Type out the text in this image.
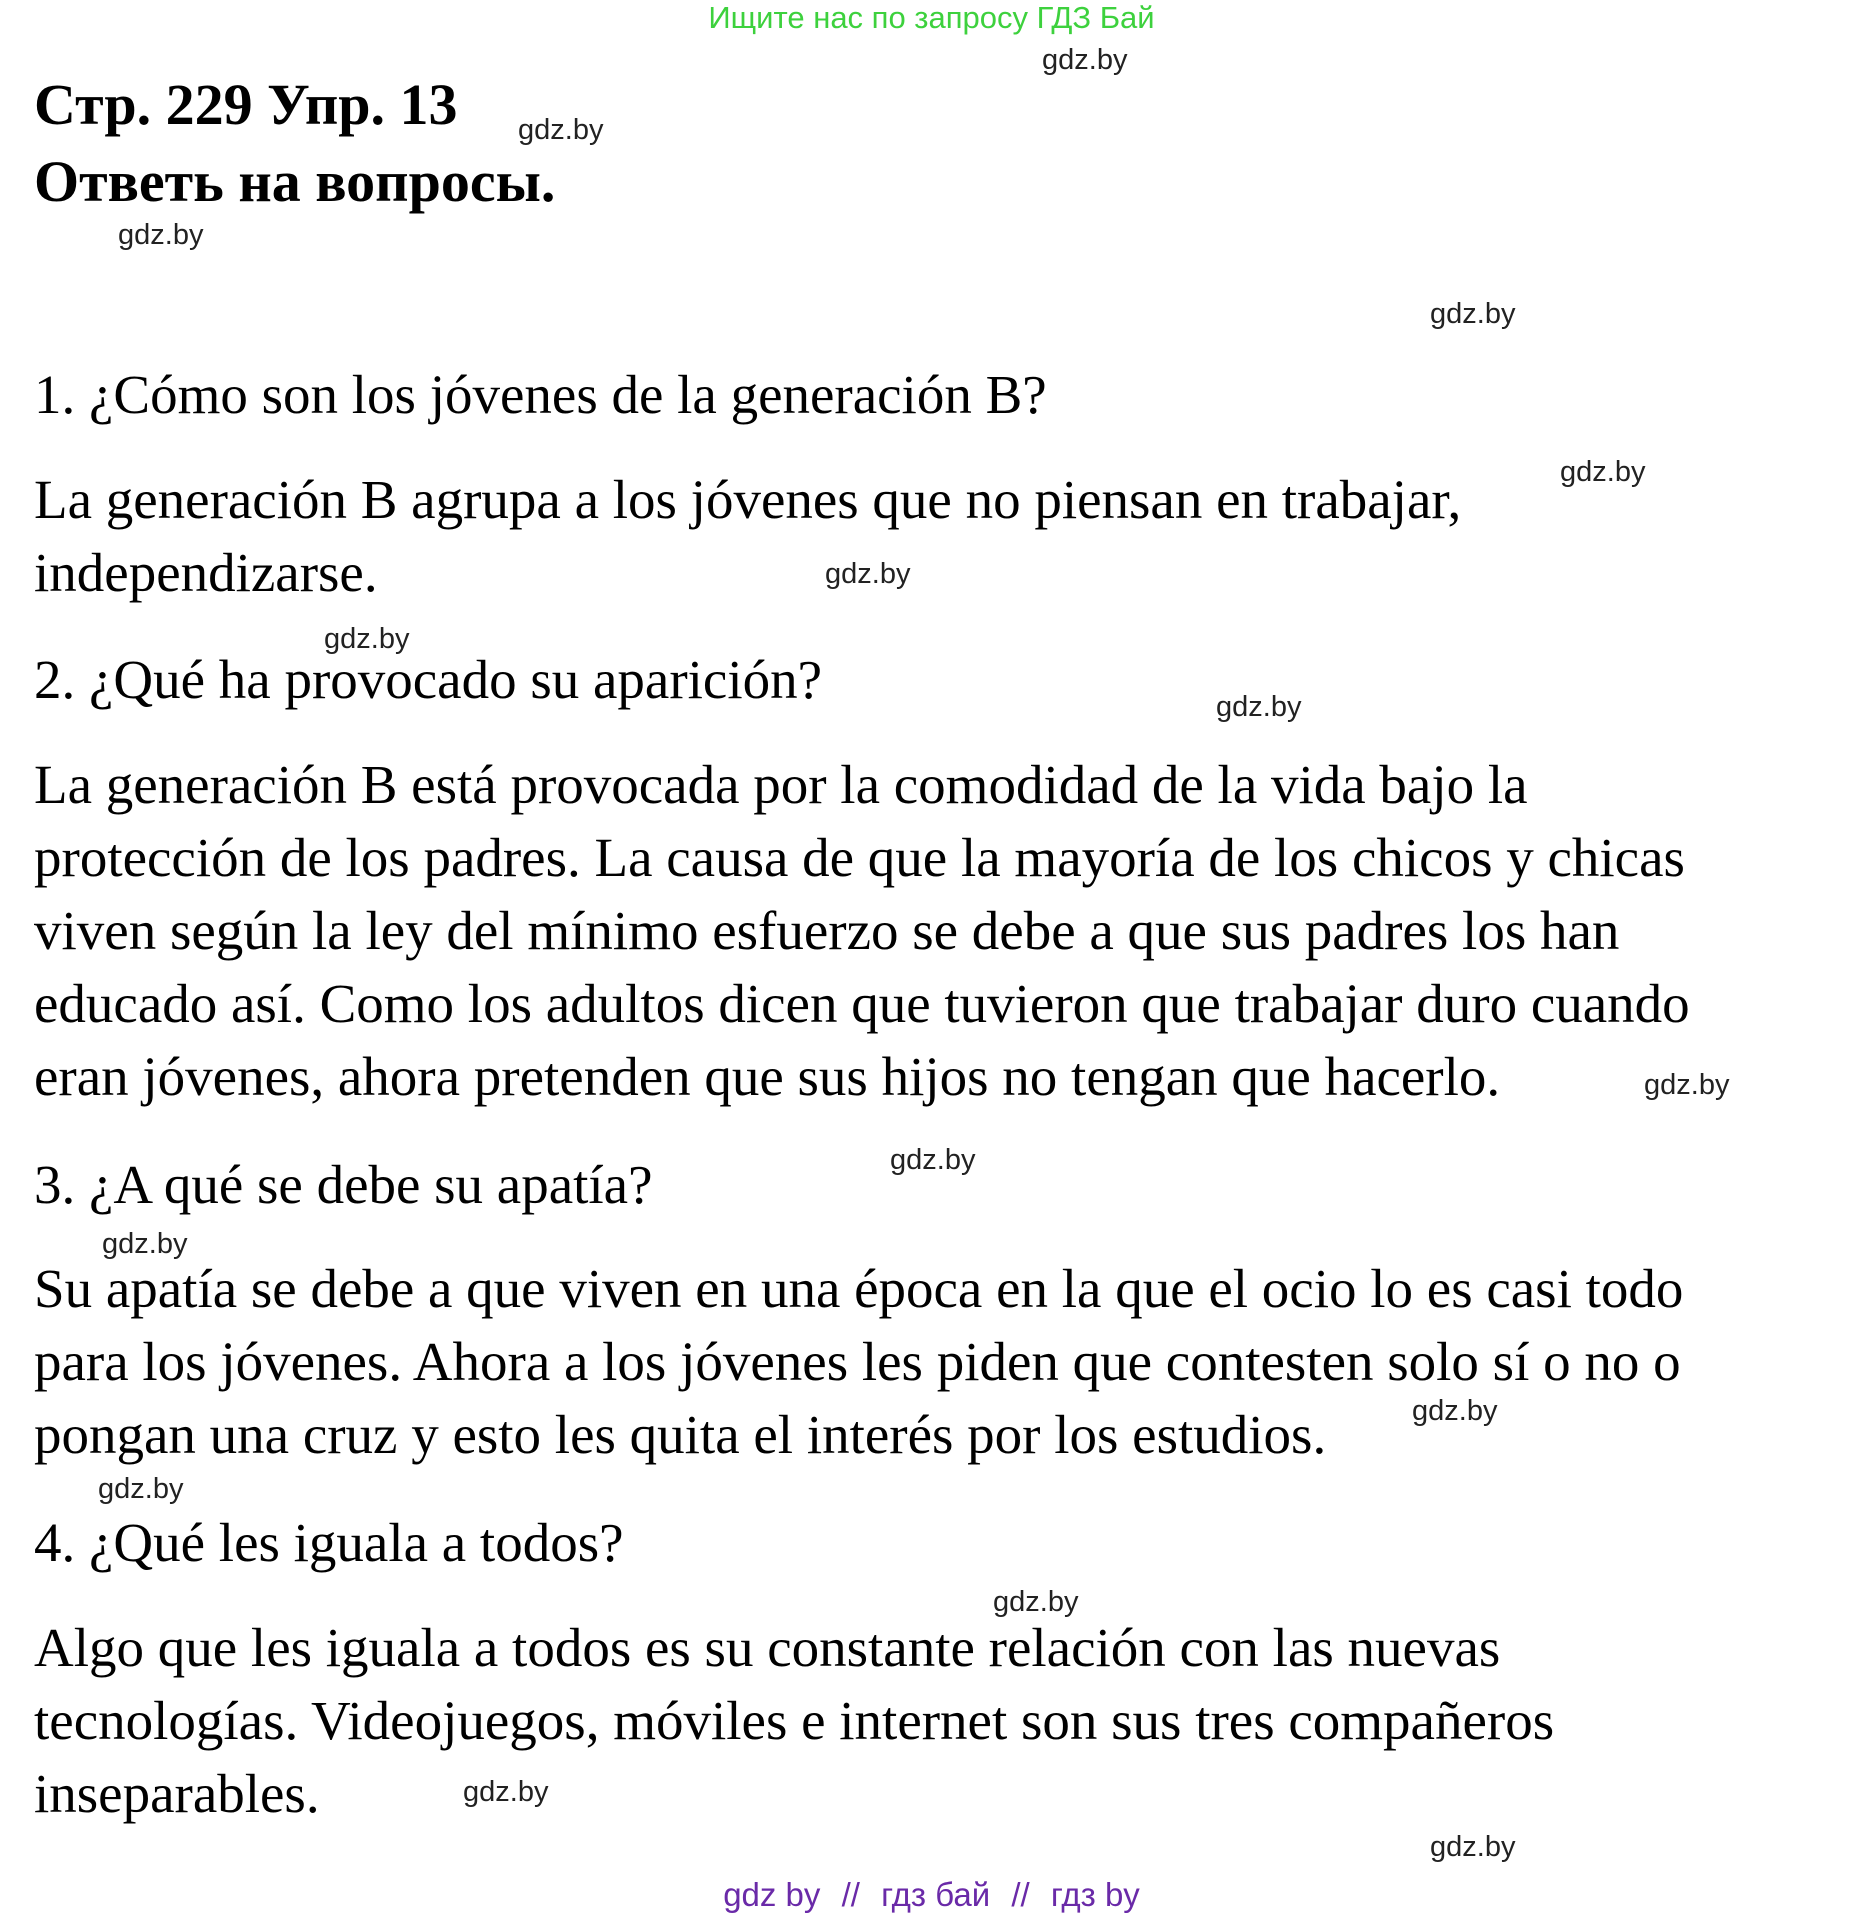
Ищите нас по запросу ГДЗ Бай
Стр. 229 Упр. 13
Ответь на вопросы.
1. ¿Cómo son los jóvenes de la generación B?
La generación B agrupa a los jóvenes que no piensan en trabajar,
independizarse.
2. ¿Qué ha provocado su aparición?
La generación B está provocada por la comodidad de la vida bajo la
protección de los padres. La causa de que la mayoría de los chicos y chicas
viven según la ley del mínimo esfuerzo se debe a que sus padres los han
educado así. Como los adultos dicen que tuvieron que trabajar duro cuando
eran jóvenes, ahora pretenden que sus hijos no tengan que hacerlo.
3. ¿A qué se debe su apatía?
Su apatía se debe a que viven en una época en la que el ocio lo es casi todo
para los jóvenes. Ahora a los jóvenes les piden que contesten solo sí o no o
pongan una cruz y esto les quita el interés por los estudios.
4. ¿Qué les iguala a todos?
Algo que les iguala a todos es su constante relación con las nuevas
tecnologías. Videojuegos, móviles e internet son sus tres compañeros
inseparables.
gdz.by
gdz.by
gdz.by
gdz.by
gdz.by
gdz.by
gdz.by
gdz.by
gdz.by
gdz.by
gdz.by
gdz.by
gdz.by
gdz.by
gdz.by
gdz.by
gdz by // гдз бай // гдз by
